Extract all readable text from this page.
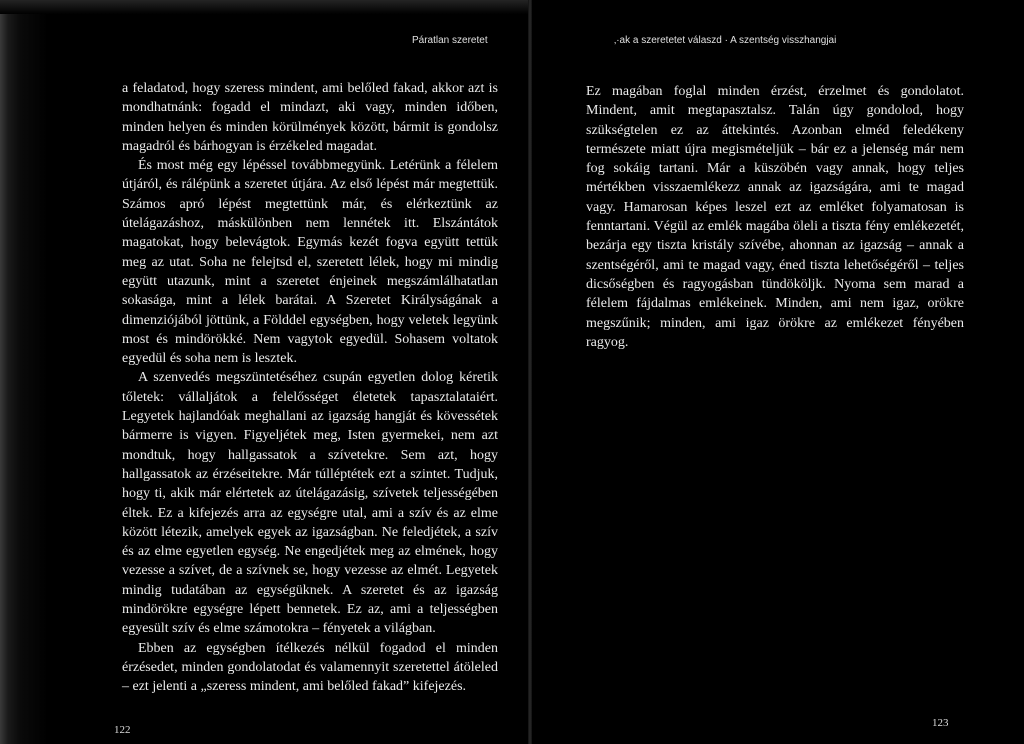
Páratlan szeretet

a feladatod, hogy szeress mindent, ami belőled fakad, akkor azt is mondhatnánk: fogadd el mindazt, aki vagy, minden időben, minden helyen és minden körülmények között, bármit is gondolsz magadról és bárhogyan is érzékeled magadat.

És most még egy lépéssel továbbmegyünk. Letérünk a félelem útjáról, és rálépünk a szeretet útjára. Az első lépést már megtettük. Számos apró lépést megtettünk már, és elérkeztünk az útelágazáshoz, máskülönben nem lennétek itt. Elszántátok magatokat, hogy belevágtok. Egymás kezét fogva együtt tettük meg az utat. Soha ne felejtsd el, szeretett lélek, hogy mi mindig együtt utazunk, mint a szeretet énjeinek megszámlálhatatlan sokasága, mint a lélek barátai. A Szeretet Királyságának a dimenziójából jöttünk, a Földdel egységben, hogy veletek legyünk most és mindörökké. Nem vagytok egyedül. Sohasem voltatok egyedül és soha nem is lesztek.

A szenvedés megszüntetéséhez csupán egyetlen dolog kéretik tőletek: vállaljátok a felelősséget életetek tapasztalataiért. Legyetek hajlandóak meghallani az igazság hangját és kövessétek bármerre is vigyen. Figyeljétek meg, Isten gyermekei, nem azt mondtuk, hogy hallgassatok a szívetekre. Sem azt, hogy hallgassatok az érzéseitekre. Már túlléptétek ezt a szintet. Tudjuk, hogy ti, akik már elértetek az útelágazásig, szívetek teljességében éltek. Ez a kifejezés arra az egységre utal, ami a szív és az elme között létezik, amelyek egyek az igazságban. Ne feledjétek, a szív és az elme egyetlen egység. Ne engedjétek meg az elmének, hogy vezesse a szívet, de a szívnek se, hogy vezesse az elmét. Legyetek mindig tudatában az egységüknek. A szeretet és az igazság mindörökre egységre lépett bennetek. Ez az, ami a teljességben egyesült szív és elme számotokra – fényetek a világban.

Ebben az egységben ítélkezés nélkül fogadod el minden érzésedet, minden gondolatodat és valamennyit szeretettel átöleled – ezt jelenti a „szeress mindent, ami belőled fakad” kifejezés.

122
‚·ak a szeretetet válaszd · A szentség visszhangjai

Ez magában foglal minden érzést, érzelmet és gondolatot. Mindent, amit megtapasztalsz. Talán úgy gondolod, hogy szükségtelen ez az áttekintés. Azonban elméd feledékeny természete miatt újra megismételjük – bár ez a jelenség már nem fog sokáig tartani. Már a küszöbén vagy annak, hogy teljes mértékben visszaemlékezz annak az igazságára, ami te magad vagy. Hamarosan képes leszel ezt az emléket folyamatosan is fenntartani. Végül az emlék magába öleli a tiszta fény emlékezetét, bezárja egy tiszta kristály szívébe, ahonnan az igazság – annak a szentségéről, ami te magad vagy, éned tiszta lehetőségéről – teljes dicsőségben és ragyogásban tündököljk. Nyoma sem marad a félelem fájdalmas emlékeinek. Minden, ami nem igaz, orökre megszűnik; minden, ami igaz örökre az emlékezet fényében ragyog.

123
